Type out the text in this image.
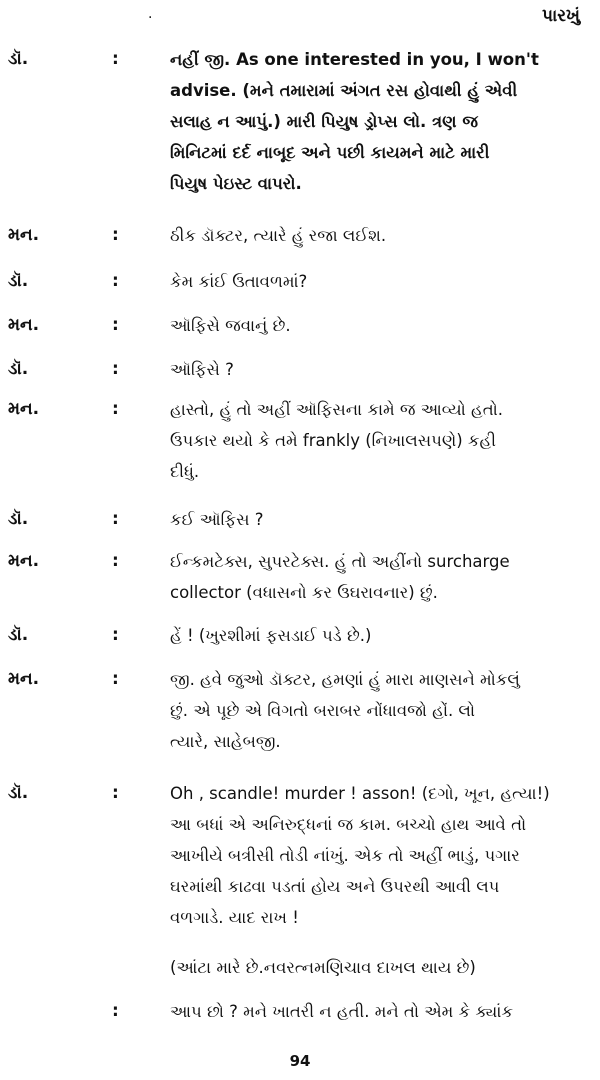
·	પારખું
ડૉ.	:	નહીં જી. As one interested in you, I won't
advise. (મને તમારામાં અંગત રસ હોવાથી હું એવી
સલાહ ન આપું.) મારી પિયુષ ડ્રોપ્સ લો. ત્રણ જ
મિનિટમાં દર્દ નાબૂદ અને પછી કાયમને માટે મારી
પિયુષ પેઇસ્ટ વાપરો.
મન.	:	ઠીક ડૉક્ટર, ત્યારે હું રજા લઈશ.
ડૉ.	:	કેમ કાંઈ ઉતાવળમાં?
મન.	:	ઑફિસે જવાનું છે.
ડૉ.	:	ઑફિસે ?
મન.	:	હાસ્તો, હું તો અહીં ઑફિસના કામે જ આવ્યો હતો.
ઉપકાર થયો કે તમે frankly (નિખાલસપણે) કહી
દીધું.
ડૉ.	:	કઈ ઑફિસ ?
મન.	:	ઈન્કમટેક્સ, સુપરટેક્સ. હું તો અહીંનો surcharge
collector (વધાસનો કર ઉઘરાવનાર) છું.
ડૉ.	:	હેં ! (ખુરશીમાં ફસડાઈ પડે છે.)
મન.	:	જી. હવે જુઓ ડૉક્ટર, હમણાં હું મારા માણસને મોકલું
છું. એ પૂછે એ વિગતો બરાબર નોંધાવજો હોં. લો
ત્યારે, સાહેબજી.
ડૉ.	:	Oh , scandle! murder ! asson! (દગો, ખૂન, હત્યા!)
આ બધાં એ અનિરુદ્ધનાં જ કામ. બચ્ચો હાથ આવે તો
આખીયે બત્રીસી તોડી નાંખું. એક તો અહીં ભાડું, પગાર
ઘરમાંથી કાઢવા પડતાં હોય અને ઉપરથી આવી લપ
વળગાડે. યાદ રાખ !
(આંટા મારે છે.નવરત્નમણિચાવ દાખલ થાય છે)
:	આપ છો ? મને ખાતરી ન હતી. મને તો એમ કે ક્યાંક
94
